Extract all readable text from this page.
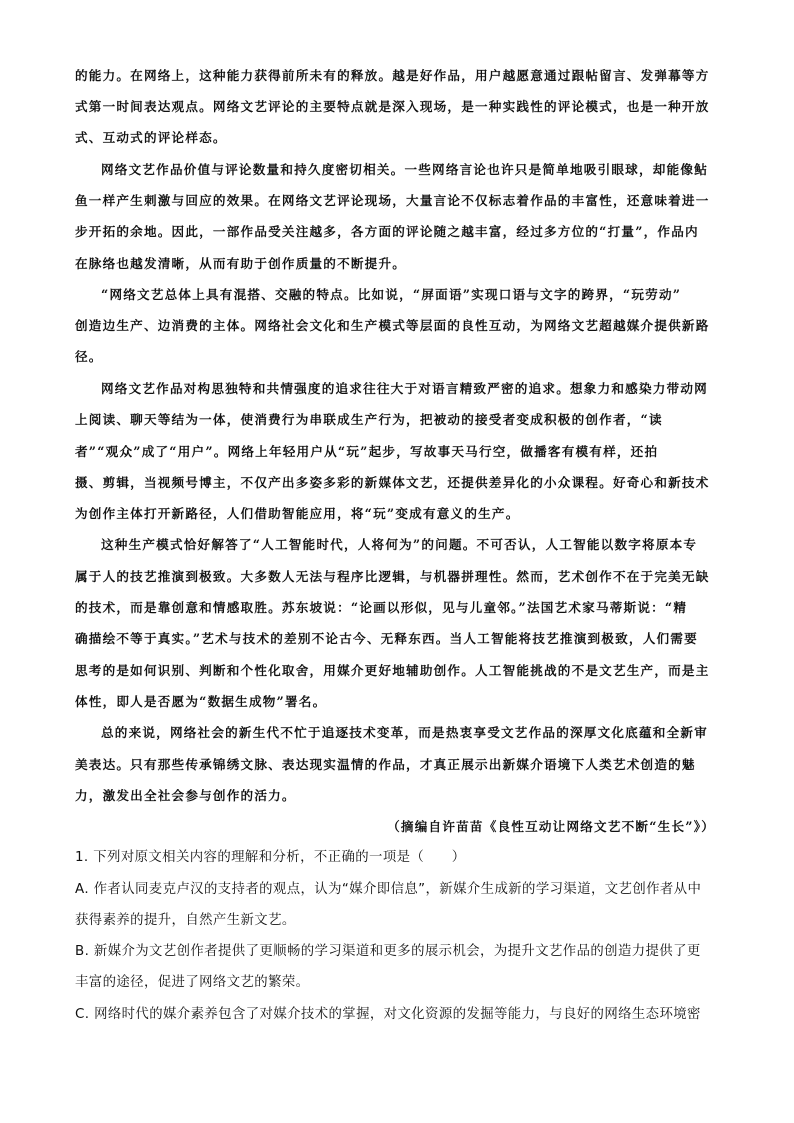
的能力。在网络上，这种能力获得前所未有的释放。越是好作品，用户越愿意通过跟帖留言、发弹幕等方
式第一时间表达观点。网络文艺评论的主要特点就是深入现场，是一种实践性的评论模式，也是一种开放
式、互动式的评论样态。
网络文艺作品价值与评论数量和持久度密切相关。一些网络言论也许只是简单地吸引眼球，却能像鲇
鱼一样产生刺激与回应的效果。在网络文艺评论现场，大量言论不仅标志着作品的丰富性，还意味着进一
步开拓的余地。因此，一部作品受关注越多，各方面的评论随之越丰富，经过多方位的“打量”，作品内
在脉络也越发清晰，从而有助于创作质量的不断提升。
“网络文艺总体上具有混搭、交融的特点。比如说，“屏面语”实现口语与文字的跨界，“玩劳动”
创造边生产、边消费的主体。网络社会文化和生产模式等层面的良性互动，为网络文艺超越媒介提供新路
径。
网络文艺作品对构思独特和共情强度的追求往往大于对语言精致严密的追求。想象力和感染力带动网
上阅读、聊天等结为一体，使消费行为串联成生产行为，把被动的接受者变成积极的创作者，“读
者”“观众”成了“用户”。网络上年轻用户从“玩”起步，写故事天马行空，做播客有模有样，还拍
摄、剪辑，当视频号博主，不仅产出多姿多彩的新媒体文艺，还提供差异化的小众课程。好奇心和新技术
为创作主体打开新路径，人们借助智能应用，将“玩”变成有意义的生产。
这种生产模式恰好解答了“人工智能时代，人将何为”的问题。不可否认，人工智能以数字将原本专
属于人的技艺推演到极致。大多数人无法与程序比逻辑，与机器拼理性。然而，艺术创作不在于完美无缺
的技术，而是靠创意和情感取胜。苏东坡说：“论画以形似，见与儿童邻。”法国艺术家马蒂斯说：“精
确描绘不等于真实。”艺术与技术的差别不论古今、无释东西。当人工智能将技艺推演到极致，人们需要
思考的是如何识别、判断和个性化取舍，用媒介更好地辅助创作。人工智能挑战的不是文艺生产，而是主
体性，即人是否愿为“数据生成物”署名。
总的来说，网络社会的新生代不忙于追逐技术变革，而是热衷享受文艺作品的深厚文化底蕴和全新审
美表达。只有那些传承锦绣文脉、表达现实温情的作品，才真正展示出新媒介语境下人类艺术创造的魅
力，激发出全社会参与创作的活力。
（摘编自许苗苗《良性互动让网络文艺不断“生长”》）
1. 下列对原文相关内容的理解和分析，不正确的一项是（　　）
A. 作者认同麦克卢汉的支持者的观点，认为“媒介即信息”，新媒介生成新的学习渠道，文艺创作者从中
获得素养的提升，自然产生新文艺。
B. 新媒介为文艺创作者提供了更顺畅的学习渠道和更多的展示机会，为提升文艺作品的创造力提供了更
丰富的途径，促进了网络文艺的繁荣。
C. 网络时代的媒介素养包含了对媒介技术的掌握，对文化资源的发掘等能力，与良好的网络生态环境密
